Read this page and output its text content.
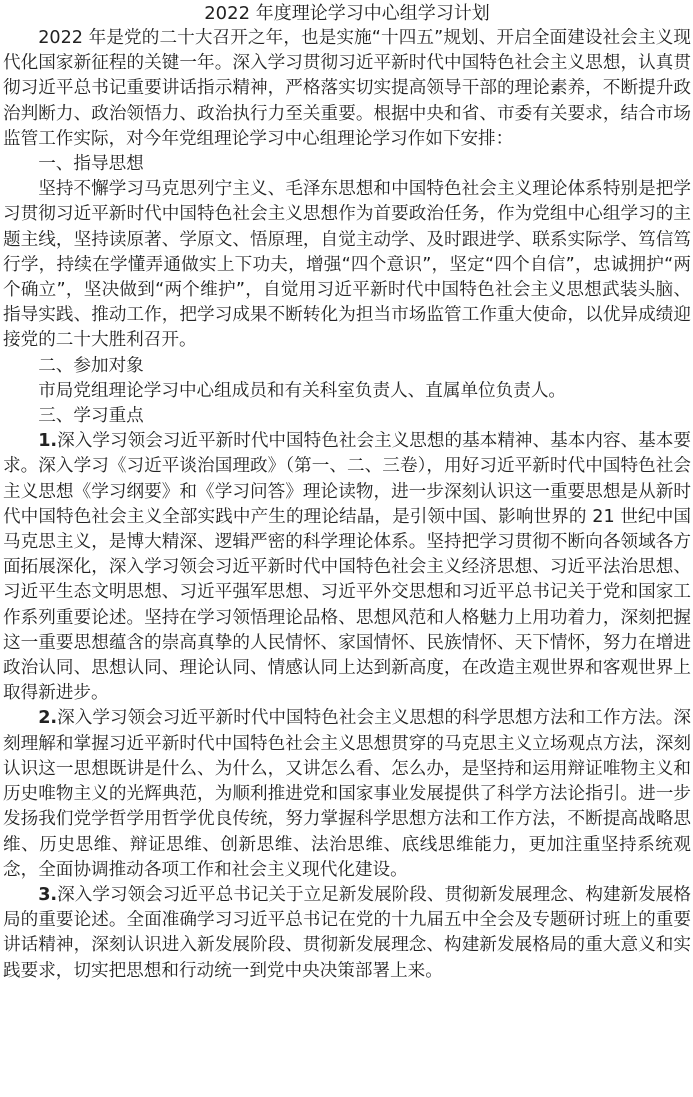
2022 年度理论学习中心组学习计划

2022 年是党的二十大召开之年，也是实施“十四五”规划、开启全面建设社会主义现代化国家新征程的关键一年。深入学习贯彻习近平新时代中国特色社会主义思想，认真贯彻习近平总书记重要讲话指示精神，严格落实切实提高领导干部的理论素养，不断提升政治判断力、政治领悟力、政治执行力至关重要。根据中央和省、市委有关要求，结合市场监管工作实际，对今年党组理论学习中心组理论学习作如下安排：

一、指导思想

坚持不懈学习马克思列宁主义、毛泽东思想和中国特色社会主义理论体系特别是把学习贯彻习近平新时代中国特色社会主义思想作为首要政治任务，作为党组中心组学习的主题主线，坚持读原著、学原文、悟原理，自觉主动学、及时跟进学、联系实际学、笃信笃行学，持续在学懂弄通做实上下功夫，增强“四个意识”，坚定“四个自信”，忠诚拥护“两个确立”，坚决做到“两个维护”，自觉用习近平新时代中国特色社会主义思想武装头脑、指导实践、推动工作，把学习成果不断转化为担当市场监管工作重大使命，以优异成绩迎接党的二十大胜利召开。

二、参加对象

市局党组理论学习中心组成员和有关科室负责人、直属单位负责人。

三、学习重点

1.深入学习领会习近平新时代中国特色社会主义思想的基本精神、基本内容、基本要求。深入学习《习近平谈治国理政》（第一、二、三卷），用好习近平新时代中国特色社会主义思想《学习纲要》和《学习问答》理论读物，进一步深刻认识这一重要思想是从新时代中国特色社会主义全部实践中产生的理论结晶，是引领中国、影响世界的 21 世纪中国马克思主义，是博大精深、逻辑严密的科学理论体系。坚持把学习贯彻不断向各领域各方面拓展深化，深入学习领会习近平新时代中国特色社会主义经济思想、习近平法治思想、习近平生态文明思想、习近平强军思想、习近平外交思想和习近平总书记关于党和国家工作系列重要论述。坚持在学习领悟理论品格、思想风范和人格魅力上用功着力，深刻把握这一重要思想蕴含的崇高真挚的人民情怀、家国情怀、民族情怀、天下情怀，努力在增进政治认同、思想认同、理论认同、情感认同上达到新高度，在改造主观世界和客观世界上取得新进步。

2.深入学习领会习近平新时代中国特色社会主义思想的科学思想方法和工作方法。深刻理解和掌握习近平新时代中国特色社会主义思想贯穿的马克思主义立场观点方法，深刻认识这一思想既讲是什么、为什么，又讲怎么看、怎么办，是坚持和运用辩证唯物主义和历史唯物主义的光辉典范，为顺利推进党和国家事业发展提供了科学方法论指引。进一步发扬我们党学哲学用哲学优良传统，努力掌握科学思想方法和工作方法，不断提高战略思维、历史思维、辩证思维、创新思维、法治思维、底线思维能力，更加注重坚持系统观念，全面协调推动各项工作和社会主义现代化建设。

3.深入学习领会习近平总书记关于立足新发展阶段、贯彻新发展理念、构建新发展格局的重要论述。全面准确学习习近平总书记在党的十九届五中全会及专题研讨班上的重要讲话精神，深刻认识进入新发展阶段、贯彻新发展理念、构建新发展格局的重大意义和实践要求，切实把思想和行动统一到党中央决策部署上来。
